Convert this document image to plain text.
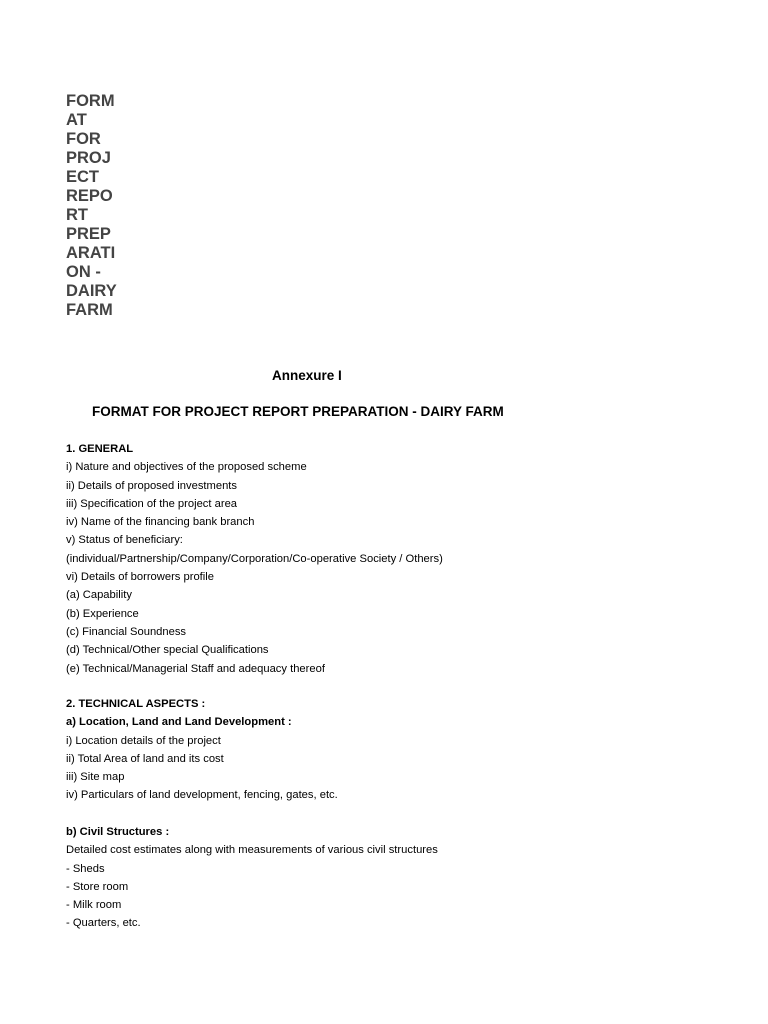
FORM
AT
FOR
PROJ
ECT
REPO
RT
PREP
ARATI
ON -
DAIRY
FARM
Annexure I
FORMAT FOR PROJECT REPORT PREPARATION - DAIRY FARM
1. GENERAL
i) Nature and objectives of the proposed scheme
ii) Details of proposed investments
iii) Specification of the project area
iv) Name of the financing bank branch
v) Status of beneficiary:
(individual/Partnership/Company/Corporation/Co-operative Society / Others)
vi) Details of borrowers profile
(a) Capability
(b) Experience
(c) Financial Soundness
(d) Technical/Other special Qualifications
(e) Technical/Managerial Staff and adequacy thereof
2. TECHNICAL ASPECTS :
a) Location, Land and Land Development :
i) Location details of the project
ii) Total Area of land and its cost
iii) Site map
iv) Particulars of land development, fencing, gates, etc.
b) Civil Structures :
Detailed cost estimates along with measurements of various civil structures
- Sheds
- Store room
- Milk room
- Quarters, etc.
